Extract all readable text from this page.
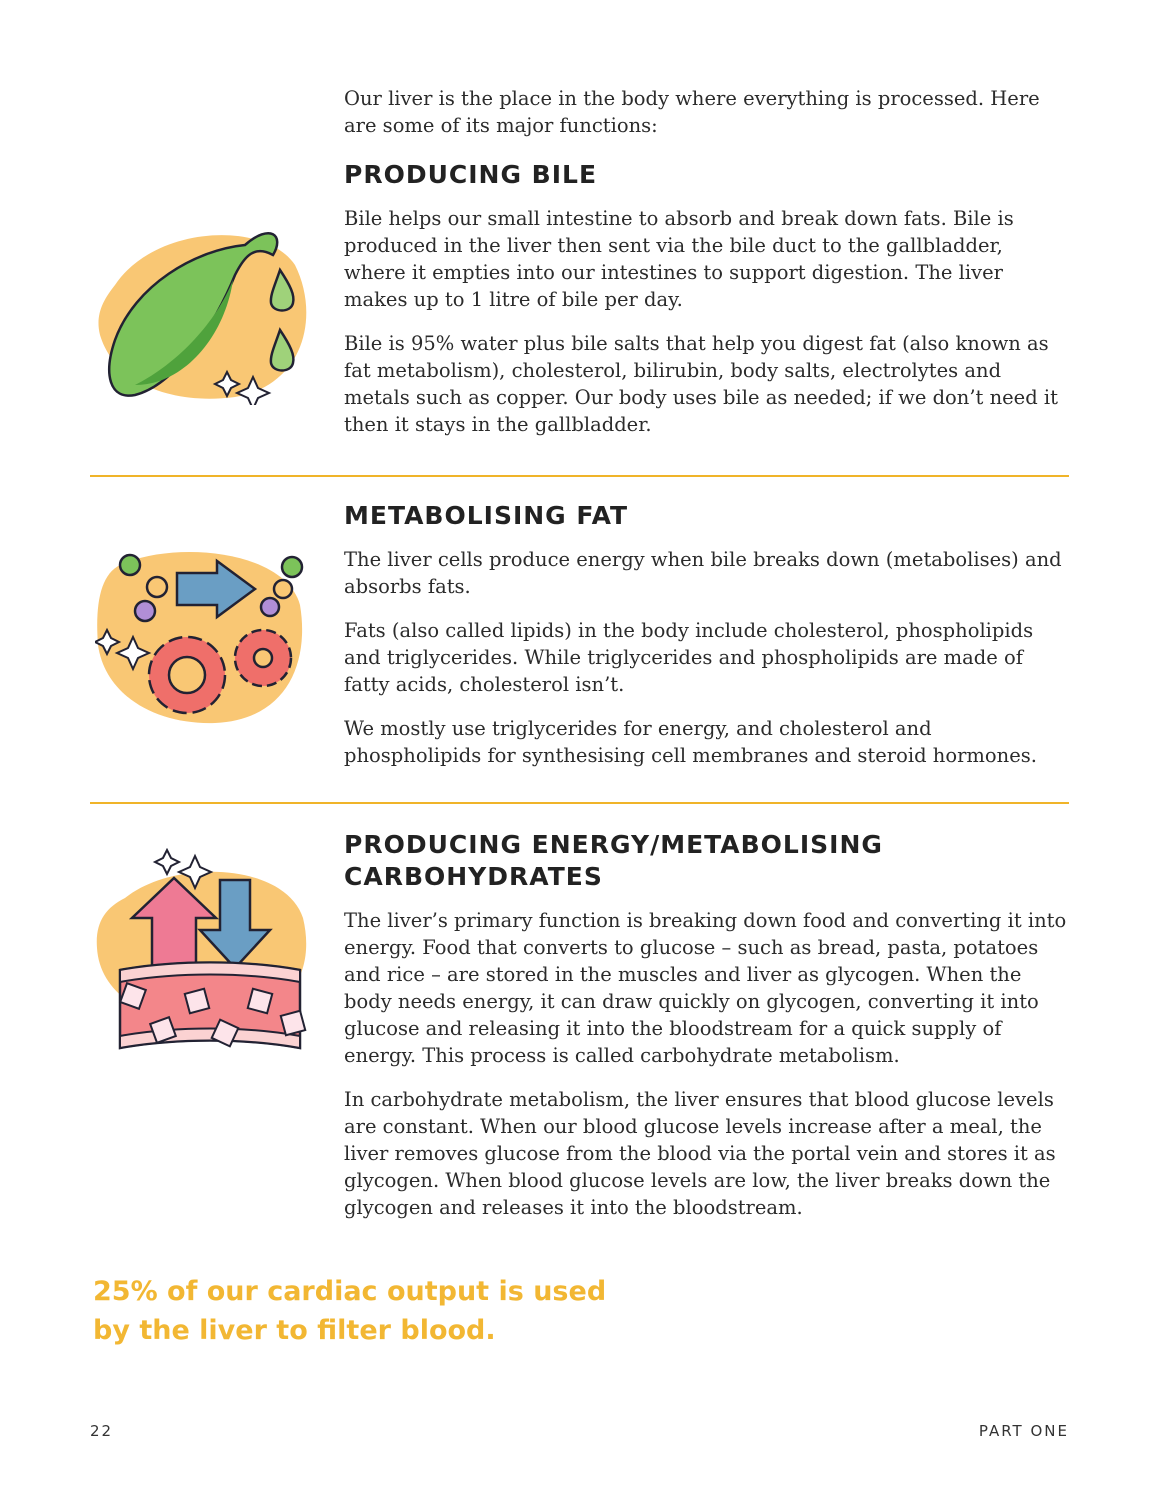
Our liver is the place in the body where everything is processed. Here are some of its major functions:

PRODUCING BILE

Bile helps our small intestine to absorb and break down fats. Bile is produced in the liver then sent via the bile duct to the gallbladder, where it empties into our intestines to support digestion. The liver makes up to 1 litre of bile per day.

Bile is 95% water plus bile salts that help you digest fat (also known as fat metabolism), cholesterol, bilirubin, body salts, electrolytes and metals such as copper. Our body uses bile as needed; if we don’t need it then it stays in the gallbladder.

METABOLISING FAT

The liver cells produce energy when bile breaks down (metabolises) and absorbs fats.

Fats (also called lipids) in the body include cholesterol, phospholipids and triglycerides. While triglycerides and phospholipids are made of fatty acids, cholesterol isn’t.

We mostly use triglycerides for energy, and cholesterol and phospholipids for synthesising cell membranes and steroid hormones.

PRODUCING ENERGY/METABOLISING CARBOHYDRATES

The liver’s primary function is breaking down food and converting it into energy. Food that converts to glucose – such as bread, pasta, potatoes and rice – are stored in the muscles and liver as glycogen. When the body needs energy, it can draw quickly on glycogen, converting it into glucose and releasing it into the bloodstream for a quick supply of energy. This process is called carbohydrate metabolism.

In carbohydrate metabolism, the liver ensures that blood glucose levels are constant. When our blood glucose levels increase after a meal, the liver removes glucose from the blood via the portal vein and stores it as glycogen. When blood glucose levels are low, the liver breaks down the glycogen and releases it into the bloodstream.

25% of our cardiac output is used by the liver to filter blood.
22	PART ONE
